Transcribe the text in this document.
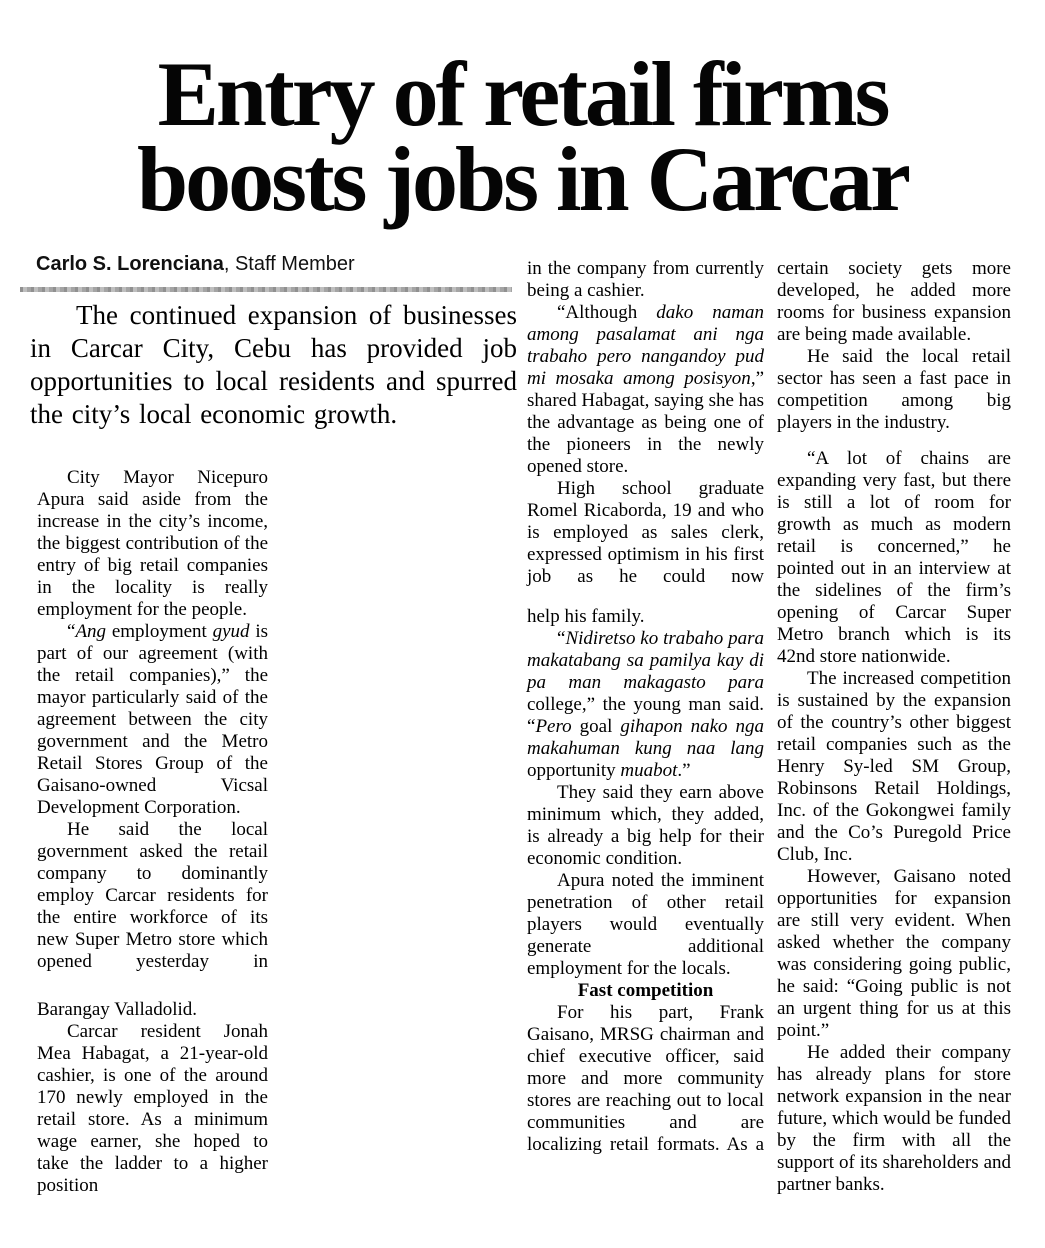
Entry of retail firms
boosts jobs in Carcar
Carlo S. Lorenciana, Staff Member
The continued expansion of businesses in Carcar City, Cebu has provided job opportunities to local residents and spurred the city’s local economic growth.

City Mayor Nicepuro Apura said aside from the increase in the city’s income, the biggest contribution of the entry of big retail companies in the locality is really employment for the people.

“Ang employment gyud is part of our agreement (with the retail companies),” the mayor particularly said of the agreement between the city government and the Metro Retail Stores Group of the Gaisano-owned Vicsal Development Corporation.

He said the local government asked the retail company to dominantly employ Carcar residents for the entire workforce of its new Super Metro store which opened yesterday in

Barangay Valladolid.

Carcar resident Jonah Mea Habagat, a 21-year-old cashier, is one of the around 170 newly employed in the retail store. As a minimum wage earner, she hoped to take the ladder to a higher position

in the company from currently being a cashier.

“Although dako naman among pasalamat ani nga trabaho pero nangandoy pud mi mosaka among posisyon,” shared Habagat, saying she has the advantage as being one of the pioneers in the newly opened store.

High school graduate Romel Ricaborda, 19 and who is employed as sales clerk, expressed optimism in his first job as he could now

help his family.

“Nidiretso ko trabaho para makatabang sa pamilya kay di pa man makagasto para college,” the young man said. “Pero goal gihapon nako nga makahuman kung naa lang opportunity muabot.”

They said they earn above minimum which, they added, is already a big help for their economic condition.

Apura noted the imminent penetration of other retail players would eventually generate additional employment for the locals.

Fast competition

For his part, Frank Gaisano, MRSG chairman and chief executive officer, said more and more community stores are reaching out to local communities and are localizing retail formats. As a

certain society gets more developed, he added more rooms for business expansion are being made available.

He said the local retail sector has seen a fast pace in competition among big players in the industry.

“A lot of chains are expanding very fast, but there is still a lot of room for growth as much as modern retail is concerned,” he pointed out in an interview at the sidelines of the firm’s opening of Carcar Super Metro branch which is its 42nd store nationwide.

The increased competition is sustained by the expansion of the country’s other biggest retail companies such as the Henry Sy-led SM Group, Robinsons Retail Holdings, Inc. of the Gokongwei family and the Co’s Puregold Price Club, Inc.

However, Gaisano noted opportunities for expansion are still very evident. When asked whether the company was considering going public, he said: “Going public is not an urgent thing for us at this point.”

He added their company has already plans for store network expansion in the near future, which would be funded by the firm with all the support of its shareholders and partner banks.
